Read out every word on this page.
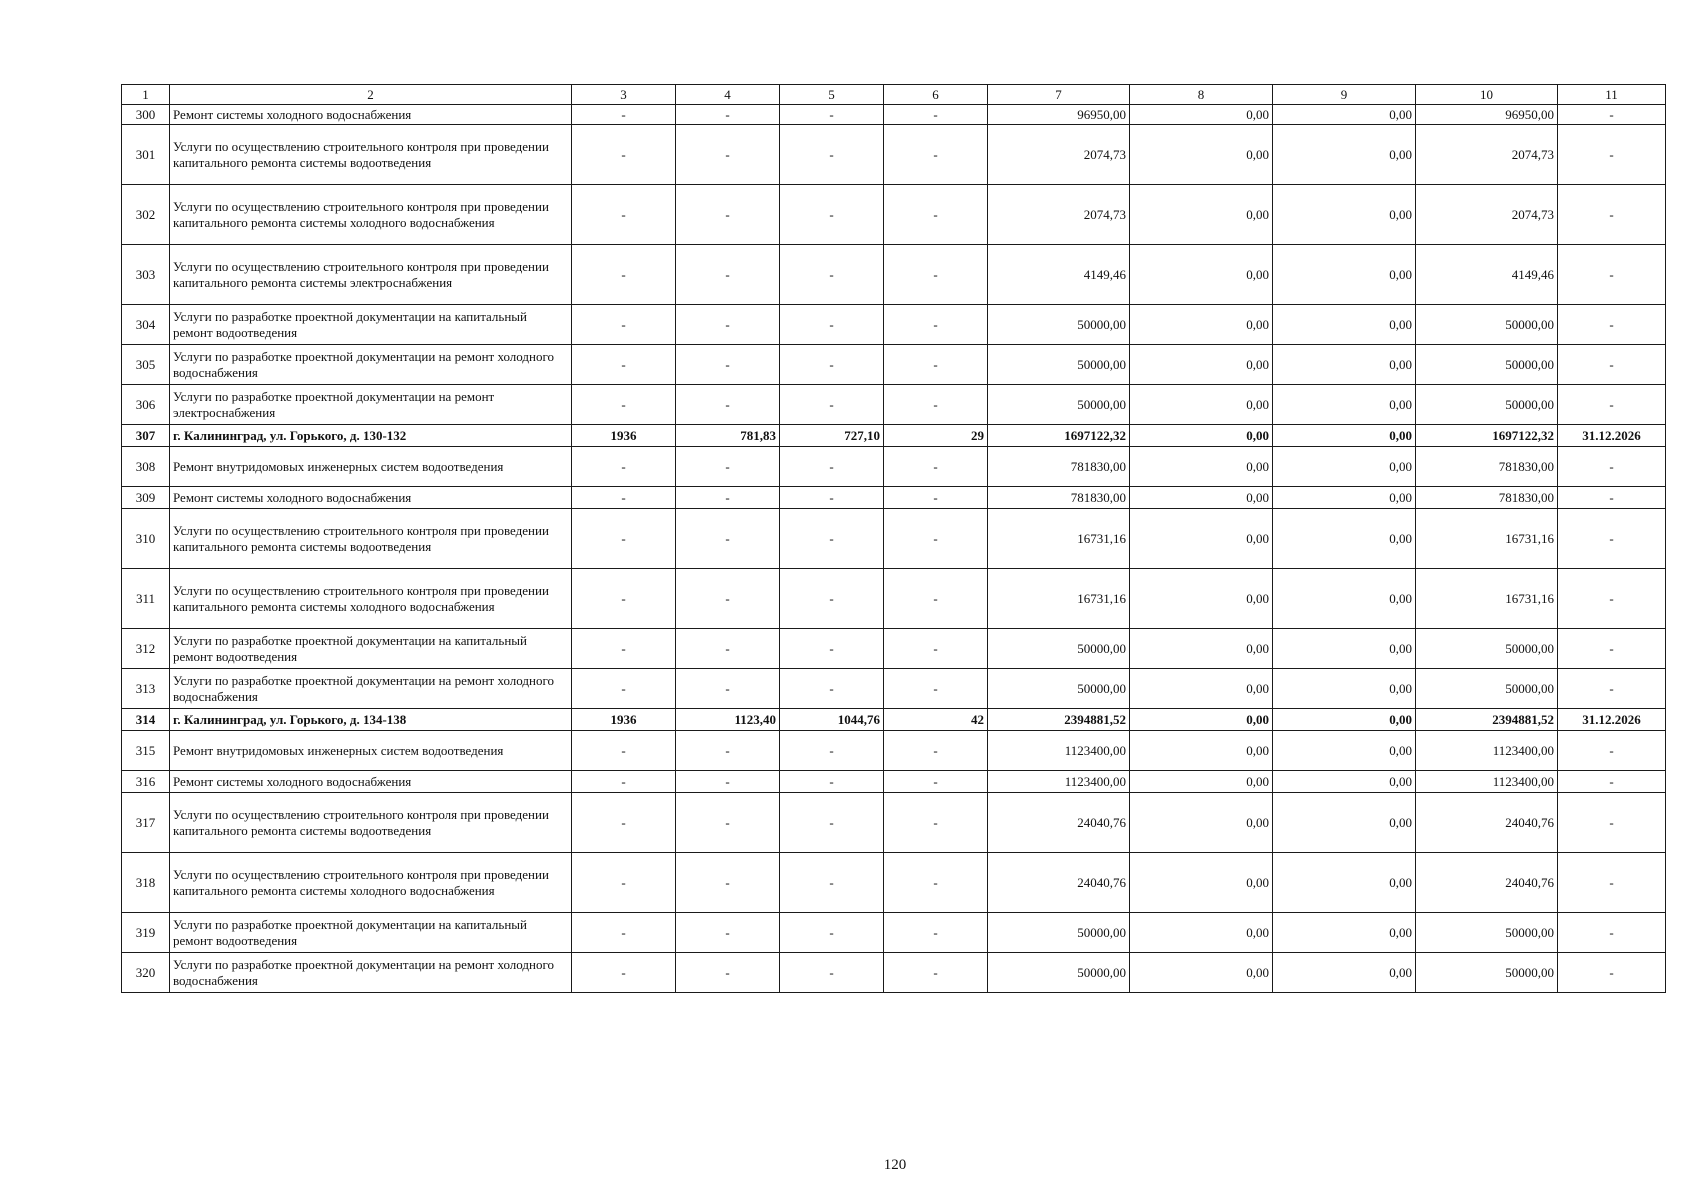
1	2	3	4	5	6	7	8	9	10	11
300	Ремонт системы холодного водоснабжения	-	-	-	-	96950,00	0,00	0,00	96950,00	-
301	Услуги по осуществлению строительного контроля при проведении капитального ремонта системы водоотведения	-	-	-	-	2074,73	0,00	0,00	2074,73	-
302	Услуги по осуществлению строительного контроля при проведении капитального ремонта системы холодного водоснабжения	-	-	-	-	2074,73	0,00	0,00	2074,73	-
303	Услуги по осуществлению строительного контроля при проведении капитального ремонта системы электроснабжения	-	-	-	-	4149,46	0,00	0,00	4149,46	-
304	Услуги по разработке проектной документации на капитальный ремонт водоотведения	-	-	-	-	50000,00	0,00	0,00	50000,00	-
305	Услуги по разработке проектной документации на ремонт холодного водоснабжения	-	-	-	-	50000,00	0,00	0,00	50000,00	-
306	Услуги по разработке проектной документации на ремонт электроснабжения	-	-	-	-	50000,00	0,00	0,00	50000,00	-
307	г. Калининград, ул. Горького, д. 130-132	1936	781,83	727,10	29	1697122,32	0,00	0,00	1697122,32	31.12.2026
308	Ремонт внутридомовых инженерных систем водоотведения	-	-	-	-	781830,00	0,00	0,00	781830,00	-
309	Ремонт системы холодного водоснабжения	-	-	-	-	781830,00	0,00	0,00	781830,00	-
310	Услуги по осуществлению строительного контроля при проведении капитального ремонта системы водоотведения	-	-	-	-	16731,16	0,00	0,00	16731,16	-
311	Услуги по осуществлению строительного контроля при проведении капитального ремонта системы холодного водоснабжения	-	-	-	-	16731,16	0,00	0,00	16731,16	-
312	Услуги по разработке проектной документации на капитальный ремонт водоотведения	-	-	-	-	50000,00	0,00	0,00	50000,00	-
313	Услуги по разработке проектной документации на ремонт холодного водоснабжения	-	-	-	-	50000,00	0,00	0,00	50000,00	-
314	г. Калининград, ул. Горького, д. 134-138	1936	1123,40	1044,76	42	2394881,52	0,00	0,00	2394881,52	31.12.2026
315	Ремонт внутридомовых инженерных систем водоотведения	-	-	-	-	1123400,00	0,00	0,00	1123400,00	-
316	Ремонт системы холодного водоснабжения	-	-	-	-	1123400,00	0,00	0,00	1123400,00	-
317	Услуги по осуществлению строительного контроля при проведении капитального ремонта системы водоотведения	-	-	-	-	24040,76	0,00	0,00	24040,76	-
318	Услуги по осуществлению строительного контроля при проведении капитального ремонта системы холодного водоснабжения	-	-	-	-	24040,76	0,00	0,00	24040,76	-
319	Услуги по разработке проектной документации на капитальный ремонт водоотведения	-	-	-	-	50000,00	0,00	0,00	50000,00	-
320	Услуги по разработке проектной документации на ремонт холодного водоснабжения	-	-	-	-	50000,00	0,00	0,00	50000,00	-
120
